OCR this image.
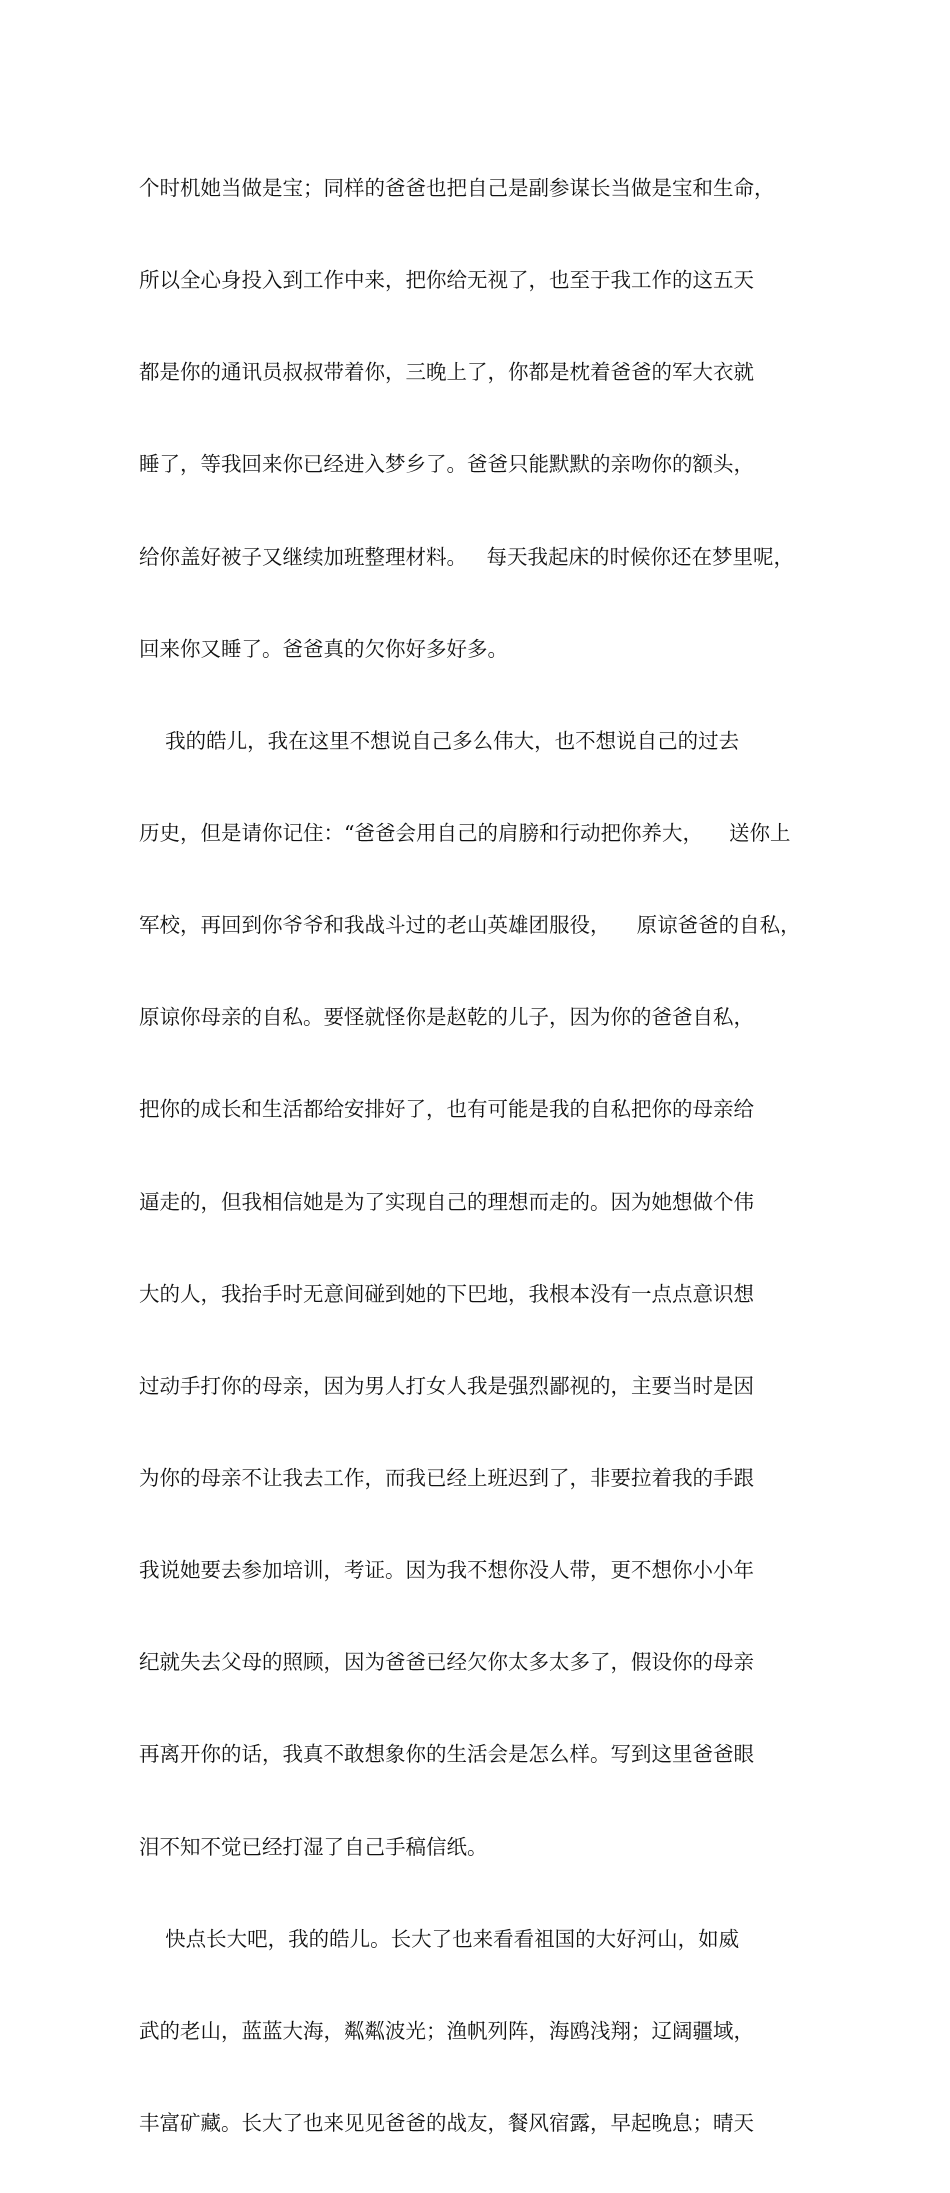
个时机她当做是宝；同样的爸爸也把自己是副参谋长当做是宝和生命，

所以全心身投入到工作中来，把你给无视了，也至于我工作的这五天

都是你的通讯员叔叔带着你，三晚上了，你都是枕着爸爸的军大衣就

睡了，等我回来你已经进入梦乡了。爸爸只能默默的亲吻你的额头，

给你盖好被子又继续加班整理材料。   每天我起床的时候你还在梦里呢，

回来你又睡了。爸爸真的欠你好多好多。

我的皓儿，我在这里不想说自己多么伟大，也不想说自己的过去

历史，但是请你记住：“爸爸会用自己的肩膀和行动把你养大，    送你上

军校，再回到你爷爷和我战斗过的老山英雄团服役，    原谅爸爸的自私，

原谅你母亲的自私。要怪就怪你是赵乾的儿子，因为你的爸爸自私，

把你的成长和生活都给安排好了，也有可能是我的自私把你的母亲给

逼走的，但我相信她是为了实现自己的理想而走的。因为她想做个伟

大的人，我抬手时无意间碰到她的下巴地，我根本没有一点点意识想

过动手打你的母亲，因为男人打女人我是强烈鄙视的，主要当时是因

为你的母亲不让我去工作，而我已经上班迟到了，非要拉着我的手跟

我说她要去参加培训，考证。因为我不想你没人带，更不想你小小年

纪就失去父母的照顾，因为爸爸已经欠你太多太多了，假设你的母亲

再离开你的话，我真不敢想象你的生活会是怎么样。写到这里爸爸眼

泪不知不觉已经打湿了自己手稿信纸。

快点长大吧，我的皓儿。长大了也来看看祖国的大好河山，如威

武的老山，蓝蓝大海，粼粼波光；渔帆列阵，海鸥浅翔；辽阔疆域，

丰富矿藏。长大了也来见见爸爸的战友，餐风宿露，早起晚息；晴天
